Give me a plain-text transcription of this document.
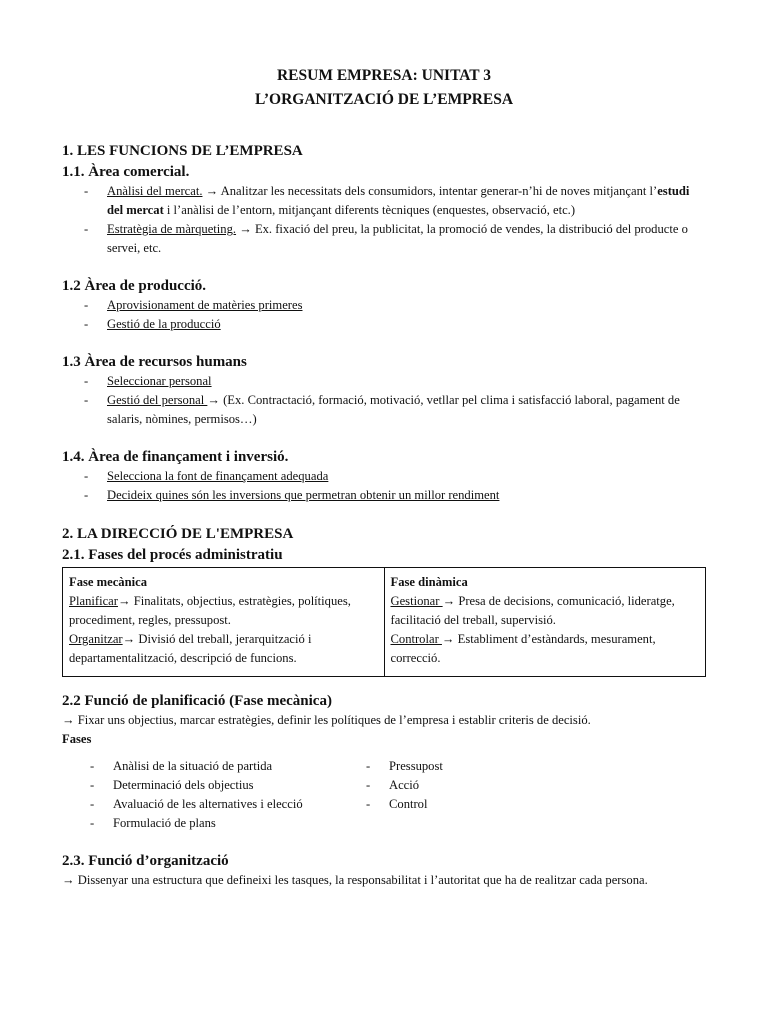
RESUM EMPRESA: UNITAT 3
L’ORGANITZACIÓ DE L’EMPRESA
1. LES FUNCIONS DE L’EMPRESA
1.1. Àrea comercial.
- Anàlisi del mercat. → Analitzar les necessitats dels consumidors, intentar generar-n’hi de noves mitjançant l’estudi del mercat i l’anàlisi de l’entorn, mitjançant diferents tècniques (enquestes, observació, etc.)
- Estratègia de màrqueting. → Ex. fixació del preu, la publicitat, la promoció de vendes, la distribució del producte o servei, etc.
1.2 Àrea de producció.
- Aprovisionament de matèries primeres
- Gestió de la producció
1.3 Àrea de recursos humans
- Seleccionar personal
- Gestió del personal → (Ex. Contractació, formació, motivació, vetllar pel clima i satisfacció laboral, pagament de salaris, nòmines, permisos…)
1.4. Àrea de finançament i inversió.
- Selecciona la font de finançament adequada
- Decideix quines són les inversions que permetran obtenir un millor rendiment
2. LA DIRECCIÓ DE L'EMPRESA
2.1. Fases del procés administratiu
Fase mecànica
Planificar→ Finalitats, objectius, estratègies, polítiques, procediment, regles, pressupost.
Organitzar→ Divisió del treball, jerarquització i departamentalització, descripció de funcions.

Fase dinàmica
Gestionar → Presa de decisions, comunicació, lideratge, facilitació del treball, supervisió.
Controlar → Establiment d’estàndards, mesurament, correcció.
2.2 Funció de planificació (Fase mecànica)

→ Fixar uns objectius, marcar estratègies, definir les polítiques de l’empresa i establir criteris de decisió.

Fases

- Anàlisi de la situació de partida
- Determinació dels objectius
- Avaluació de les alternatives i elecció
- Formulació de plans
- Pressupost
- Acció
- Control
2.3. Funció d’organització

→ Dissenyar una estructura que defineixi les tasques, la responsabilitat i l’autoritat que ha de realitzar cada persona.
